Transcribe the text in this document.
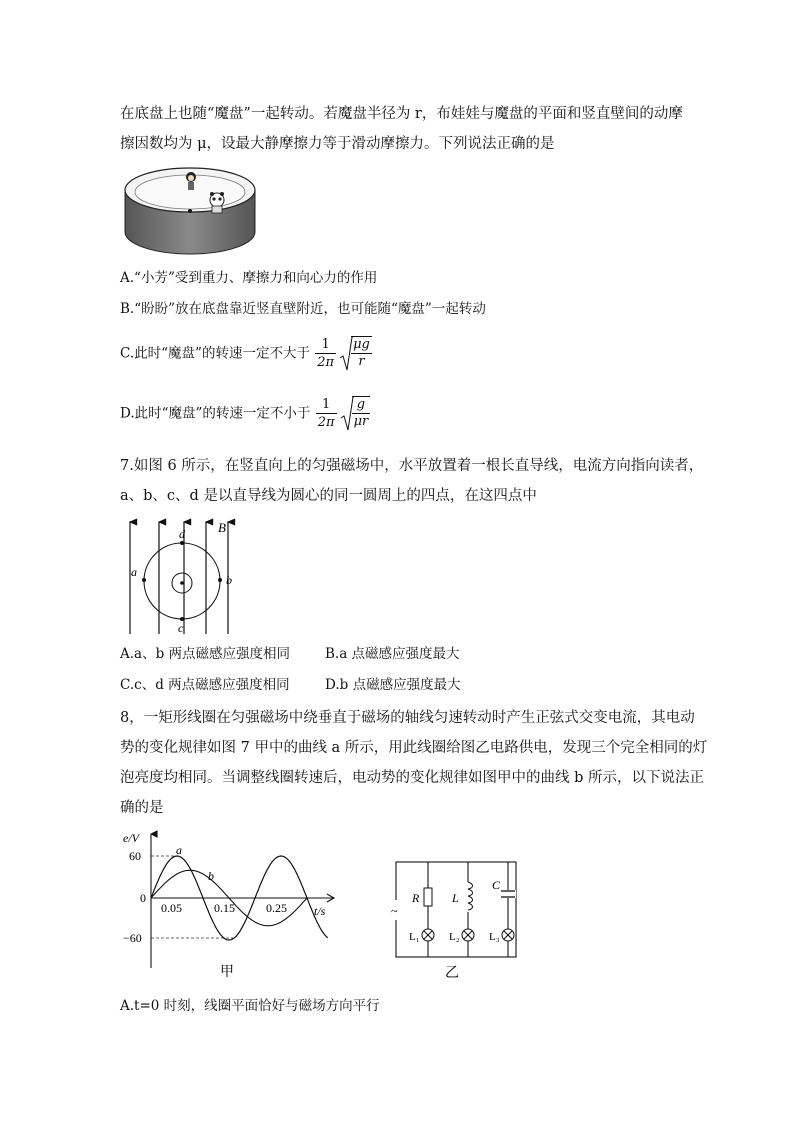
在底盘上也随“魔盘”一起转动。若魔盘半径为 r，布娃娃与魔盘的平面和竖直壁间的动摩
擦因数均为 μ，设最大静摩擦力等于滑动摩擦力。下列说法正确的是
A.“小芳”受到重力、摩擦力和向心力的作用
B.“盼盼”放在底盘靠近竖直壁附近，也可能随“魔盘”一起转动
C.此时“魔盘”的转速一定不大于 $\frac{1}{2\pi} \frac{\mu g}{r}$
D.此时“魔盘”的转速一定不小于 $\frac{1}{2\pi} \frac{g}{\mu r}$
7.如图 6 所示，在竖直向上的匀强磁场中，水平放置着一根长直导线，电流方向指向读者，
a、b、c、d 是以直导线为圆心的同一圆周上的四点，在这四点中
B
a
b
c
d
A.a、b 两点磁感应强度相同	B.a 点磁感应强度最大
C.c、d 两点磁感应强度相同	D.b 点磁感应强度最大
8，一矩形线圈在匀强磁场中绕垂直于磁场的轴线匀速转动时产生正弦式交变电流，其电动
势的变化规律如图 7 甲中的曲线 a 所示，用此线圈给图乙电路供电，发现三个完全相同的灯
泡亮度均相同。当调整线圈转速后，电动势的变化规律如图甲中的曲线 b 所示，以下说法正
确的是
e/V
t/s
60
0
−60
0.05	0.15	0.25
a
b
甲
~
R	L
C
L₁	L₂	L₃
乙
A.t=0 时刻，线圈平面恰好与磁场方向平行
